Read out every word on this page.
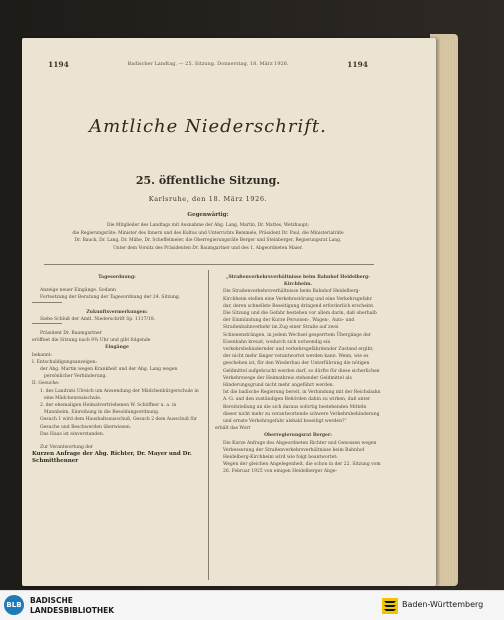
1194	Badischer Landtag. — 25. Sitzung. Donnerstag, 18. März 1926.	1194
Amtliche Niederschrift.
25. öffentliche Sitzung.
Karlsruhe, den 18. März 1926.
Gegenwärtig:
Die Mitglieder des Landtags mit Ausnahme der Abg. Lang, Martin, Dr. Mattes, Wetzhaupt;
die Regierungsräte: Minister des Innern und des Kultus und Unterrichts Remmele, Präsident Dr. Paul, die Ministerialräte
Dr. Bauck, Dr. Lang, Dr. Mühe, Dr. Scheffelmeier, die Oberregierungsräte Berger und Steinberger, Regierungsrat Lang.
Unter dem Vorsitz des Präsidenten Dr. Baumgartner und des 1. Abgeordneten Maier.
Tagesordnung:
Anzeige neuer Eingänge. Sodann
Fortsetzung der Beratung der Tagesordnung der 24. Sitzung.
Zukunftsvermerkungen:
Siehe Schluß der Amtl. Niederschrift Sp. 1117/18.
Präsident Dr. Baumgartner
eröffnet die Sitzung nach 9¾ Uhr und gibt folgende
Eingänge
bekannt:
I. Entschuldigungsanzeigen:
der Abg. Martin wegen Krankheit und der Abg. Lang wegen persönlicher Verhinderung.
II. Gesuche:
1. des Landrats Ulreich um Anwendung der Mädchenbürgerschule in eine Mädchenrealschule.
2. der ehemaligen Heimatvertriebenen W. Schöffner u. a. in Mannheim, Einreihung in die Besoldungsordnung.
Gesuch 1 wird dem Haushaltsausschuß, Gesuch 2 dem Ausschuß für Gesuche und Beschwerden überwiesen.
Das Haus ist einverstanden.
Zur Verantwortung der
Kurzen Anfrage der Abg. Richter, Dr. Mayer und Dr. Schmitthenner
„Straßenverkehrsverhältnisse beim Bahnhof Heidelberg-Kirchheim.
Die Straßenverkehrsverhältnisse beim Bahnhof Heidelberg-Kirchheim stellen eine Verkehrsstörung und eine Verkehrsgefahr dar, deren schnellste Beseitigung dringend erforderlich erscheint. Die Sitzung und die Gefahr bestehen vor allem darin, daß oberhalb der Einmündung der Kurze Personen-, Wagen-, Auto- und Straßenbahnverkehr im Zug einer Straße auf zwei Schienensträngen, in jedem Wechsel gesperrtem Übergänge der Eisenbahn kreuzt, wodurch sich notwendig ein verkehrsbehindernder und verkehrsgefährdender Zustand ergibt, der nicht mehr länger verantwortet werden kann. Wenn, wie es geschehen ist, für den Wiederbau der Unterführung die nötigen Geldmittel aufgebracht werden darf, so dürfte für diese sicherlichen Verkehrswege der Heimatkreis stehender Geldmittel als Hinderungsgrund nicht mehr angeführt werden.
Ist die badische Regierung bereit, in Verbindung mit der Reichsbahn A.-G. und den zuständigen Behörden dahin zu wirken, daß unter Bereitstellung an die sich daraus sofortig bestehenden Mitteln dieser nicht mehr zu verantwortende schwere Verkehrsbehinderung und ernste Verkehrsgefahr alsbald beseitigt werden?“
erhält das Wort
Oberregierungsrat Berger:
Die Kurze Anfrage des Abgeordneten Richter und Genossen wegen Verbesserung der Straßenverkehrsverhältnisse beim Bahnhof Heidelberg-Kirchheim wird wie folgt beantwortet:
Wegen der gleichen Angelegenheit, die schon in der 22. Sitzung vom 26. Februar 1925 von einigen Heidelberger Abge-
BLB	BADISCHE
LANDESBIBLIOTHEK
Baden-Württemberg
